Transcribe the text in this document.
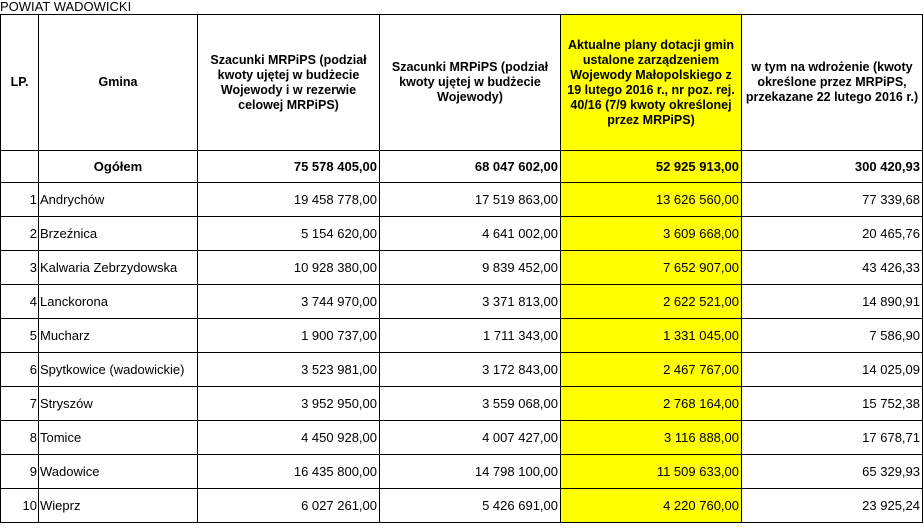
POWIAT WADOWICKI
LP.	Gmina	Szacunki MRPiPS (podział kwoty ujętej w budżecie Wojewody i w rezerwie celowej MRPiPS)	Szacunki MRPiPS (podział kwoty ujętej w budżecie Wojewody)	Aktualne plany dotacji gmin ustalone zarządzeniem Wojewody Małopolskiego z 19 lutego 2016 r., nr poz. rej. 40/16 (7/9 kwoty określonej przez MRPiPS)	w tym na wdrożenie (kwoty określone przez MRPiPS, przekazane 22 lutego 2016 r.)
	Ogółem	75 578 405,00	68 047 602,00	52 925 913,00	300 420,93
1	Andrychów	19 458 778,00	17 519 863,00	13 626 560,00	77 339,68
2	Brzeźnica	5 154 620,00	4 641 002,00	3 609 668,00	20 465,76
3	Kalwaria Zebrzydowska	10 928 380,00	9 839 452,00	7 652 907,00	43 426,33
4	Lanckorona	3 744 970,00	3 371 813,00	2 622 521,00	14 890,91
5	Mucharz	1 900 737,00	1 711 343,00	1 331 045,00	7 586,90
6	Spytkowice (wadowickie)	3 523 981,00	3 172 843,00	2 467 767,00	14 025,09
7	Stryszów	3 952 950,00	3 559 068,00	2 768 164,00	15 752,38
8	Tomice	4 450 928,00	4 007 427,00	3 116 888,00	17 678,71
9	Wadowice	16 435 800,00	14 798 100,00	11 509 633,00	65 329,93
10	Wieprz	6 027 261,00	5 426 691,00	4 220 760,00	23 925,24
